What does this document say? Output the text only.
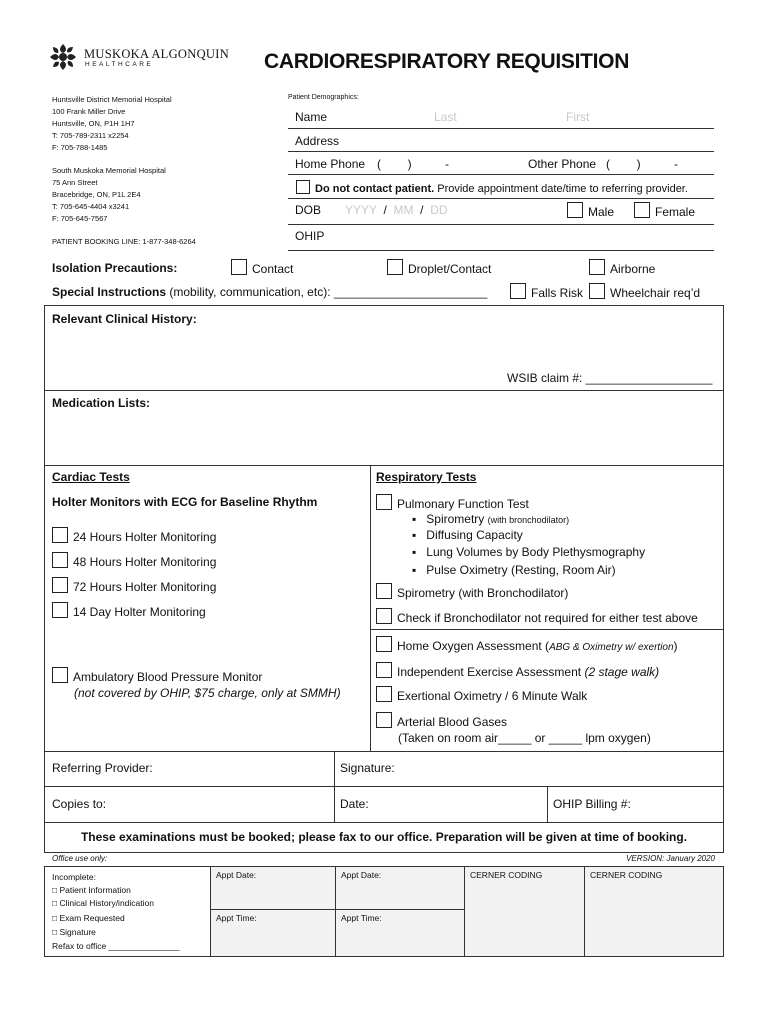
MUSKOKA ALGONQUIN
HEALTHCARE	CARDIORESPIRATORY REQUISITION
Huntsville District Memorial Hospital
100 Frank Miller Drive
Huntsville, ON, P1H 1H7
T: 705-789-2311 x2254
F: 705-788-1485
South Muskoka Memorial Hospital
75 Ann Street
Bracebridge, ON, P1L 2E4
T: 705-645-4404 x3241
F: 705-645-7567
PATIENT BOOKING LINE: 1-877-348-6264
Patient Demographics:
Name	Last	First
Address
Home Phone (        )          -	Other Phone (        )          -
Do not contact patient. Provide appointment date/time to referring provider.
DOB YYYY / MM / DD	Male	Female
OHIP
Isolation Precautions:	Contact	Droplet/Contact	Airborne
Special Instructions (mobility, communication, etc): _______________________	Falls Risk	Wheelchair req’d
Relevant Clinical History:
WSIB claim #: ___________________
Medication Lists:
Cardiac Tests
Holter Monitors with ECG for Baseline Rhythm
24 Hours Holter Monitoring
48 Hours Holter Monitoring
72 Hours Holter Monitoring
14 Day Holter Monitoring
Ambulatory Blood Pressure Monitor
(not covered by OHIP, $75 charge, only at SMMH)
Respiratory Tests
Pulmonary Function Test
▪ Spirometry (with bronchodilator)
▪ Diffusing Capacity
▪ Lung Volumes by Body Plethysmography
▪ Pulse Oximetry (Resting, Room Air)
Spirometry (with Bronchodilator)
Check if Bronchodilator not required for either test above
Home Oxygen Assessment (ABG & Oximetry w/ exertion)
Independent Exercise Assessment (2 stage walk)
Exertional Oximetry / 6 Minute Walk
Arterial Blood Gases
(Taken on room air_____ or _____ lpm oxygen)
Referring Provider:	Signature:
Copies to:	Date:	OHIP Billing #:
These examinations must be booked; please fax to our office. Preparation will be given at time of booking.
Office use only:	VERSION: January 2020
Incomplete:
□ Patient Information
□ Clinical History/indication
□ Exam Requested
□ Signature
Refax to office _______________
Appt Date:	Appt Date:
Appt Time:	Appt Time:
CERNER CODING	CERNER CODING
